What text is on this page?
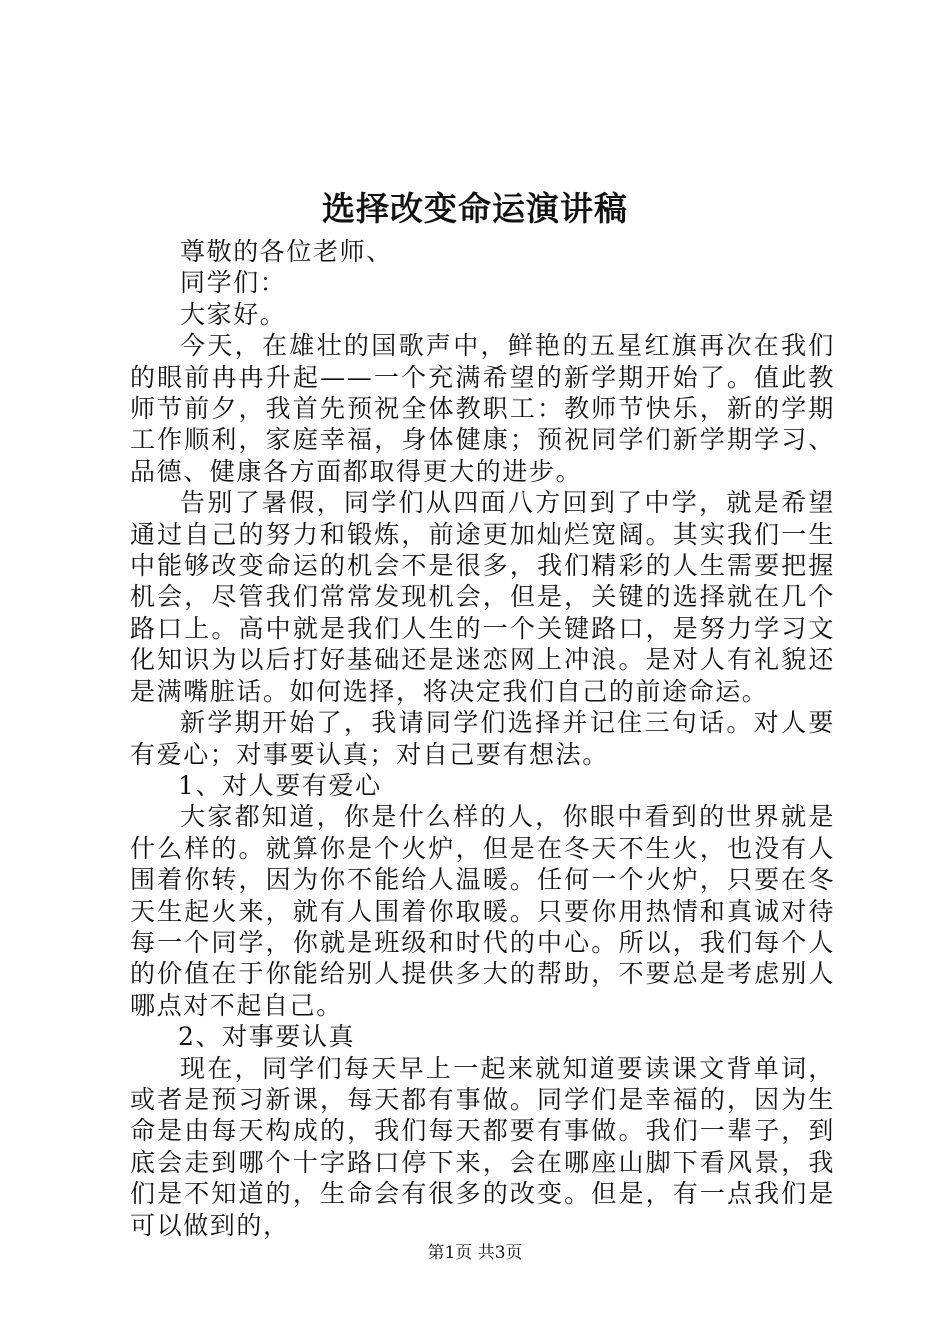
选择改变命运演讲稿

尊敬的各位老师、

同学们：

大家好。

今天，在雄壮的国歌声中，鲜艳的五星红旗再次在我们的眼前冉冉升起——一个充满希望的新学期开始了。值此教师节前夕，我首先预祝全体教职工：教师节快乐，新的学期工作顺利，家庭幸福，身体健康；预祝同学们新学期学习、品德、健康各方面都取得更大的进步。

告别了暑假，同学们从四面八方回到了中学，就是希望通过自己的努力和锻炼，前途更加灿烂宽阔。其实我们一生中能够改变命运的机会不是很多，我们精彩的人生需要把握机会，尽管我们常常发现机会，但是，关键的选择就在几个路口上。高中就是我们人生的一个关键路口，是努力学习文化知识为以后打好基础还是迷恋网上冲浪。是对人有礼貌还是满嘴脏话。如何选择，将决定我们自己的前途命运。

新学期开始了，我请同学们选择并记住三句话。对人要有爱心；对事要认真；对自己要有想法。

1、对人要有爱心

大家都知道，你是什么样的人，你眼中看到的世界就是什么样的。就算你是个火炉，但是在冬天不生火，也没有人围着你转，因为你不能给人温暖。任何一个火炉，只要在冬天生起火来，就有人围着你取暖。只要你用热情和真诚对待每一个同学，你就是班级和时代的中心。所以，我们每个人的价值在于你能给别人提供多大的帮助，不要总是考虑别人哪点对不起自己。

2、对事要认真

现在，同学们每天早上一起来就知道要读课文背单词，或者是预习新课，每天都有事做。同学们是幸福的，因为生命是由每天构成的，我们每天都要有事做。我们一辈子，到底会走到哪个十字路口停下来，会在哪座山脚下看风景，我们是不知道的，生命会有很多的改变。但是，有一点我们是可以做到的，

第1页 共3页
